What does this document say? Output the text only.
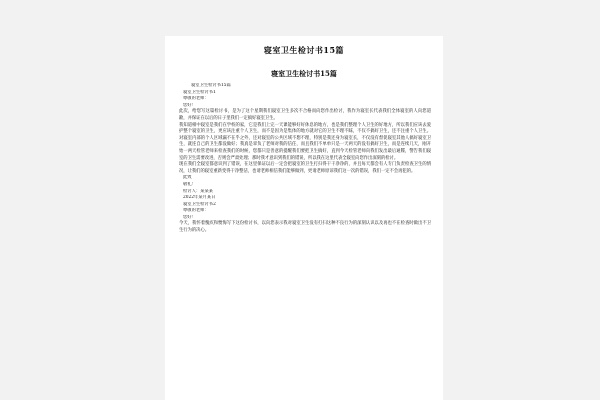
寝室卫生检讨书15篇
寝室卫生检讨书15篇
寝室卫生检讨书15篇
寝室卫生检讨书1
尊敬的老师：
您好！
此次，给您写这篇检讨书，是为了这个星期我们寝室卫生多次不合格而向您作出检讨，我作为寝室长代表我们全体寝室的人向您道歉，并保证在以后的日子里我们一定搞好寝室卫生。
我知道相中寝室是我们在学校的家，它是我们上完一天课能够好好休息的地方，也是我们整理个人卫生的好地方，所以我们应该去爱护整个寝室的卫生，更应该注重个人卫生，而不是因为是集体的地方就对它的卫生不理不睬，不仅不搞好卫生，还不注重个人卫生。对寝室内部的个人区域漏不在乎之外，还对寝室的公共区域不想不理，特别是我还身为寝室长，不仅没有督促寝室其他人搞好寝室卫生，就连自己的卫生都没做好；我真是辜负了老师对我的信任，而且我们不单单只是一天两天的没有搞好卫生，而是连续几天，刚开始一两天检管老师来检查我们的时候，您都只是善意的提醒我们要把卫生搞好，直到今天检管老师向我们发出最后通牒，警告我们寝室的卫生需要改进，否则会严肃处理；那时我才意识到我们的错误，所以我在这里代表全寝室向您作出深刻的检讨。
现在我们全寝室都意识到了错误，在这里保证以后一定会把寝室的卫生打扫得干干净净的，并且每天都会有人专门负责检查卫生的情况，让我们的寝室重新变得干净整洁，也请老师相信我们能够做到，更请老师原谅我们这一次的错误，我们一定不会再犯的。
此致
敬礼！
检讨人：某某某
2022年某月某日
寝室卫生检讨书2
尊敬的老师：
您好！
今天，我怀着愧疚和懊悔写下这份检讨书，以向您表示我对寝室卫生没有打扫这种不良行为的深刻认识以及再也不在检查时做出不卫生行为的决心。
